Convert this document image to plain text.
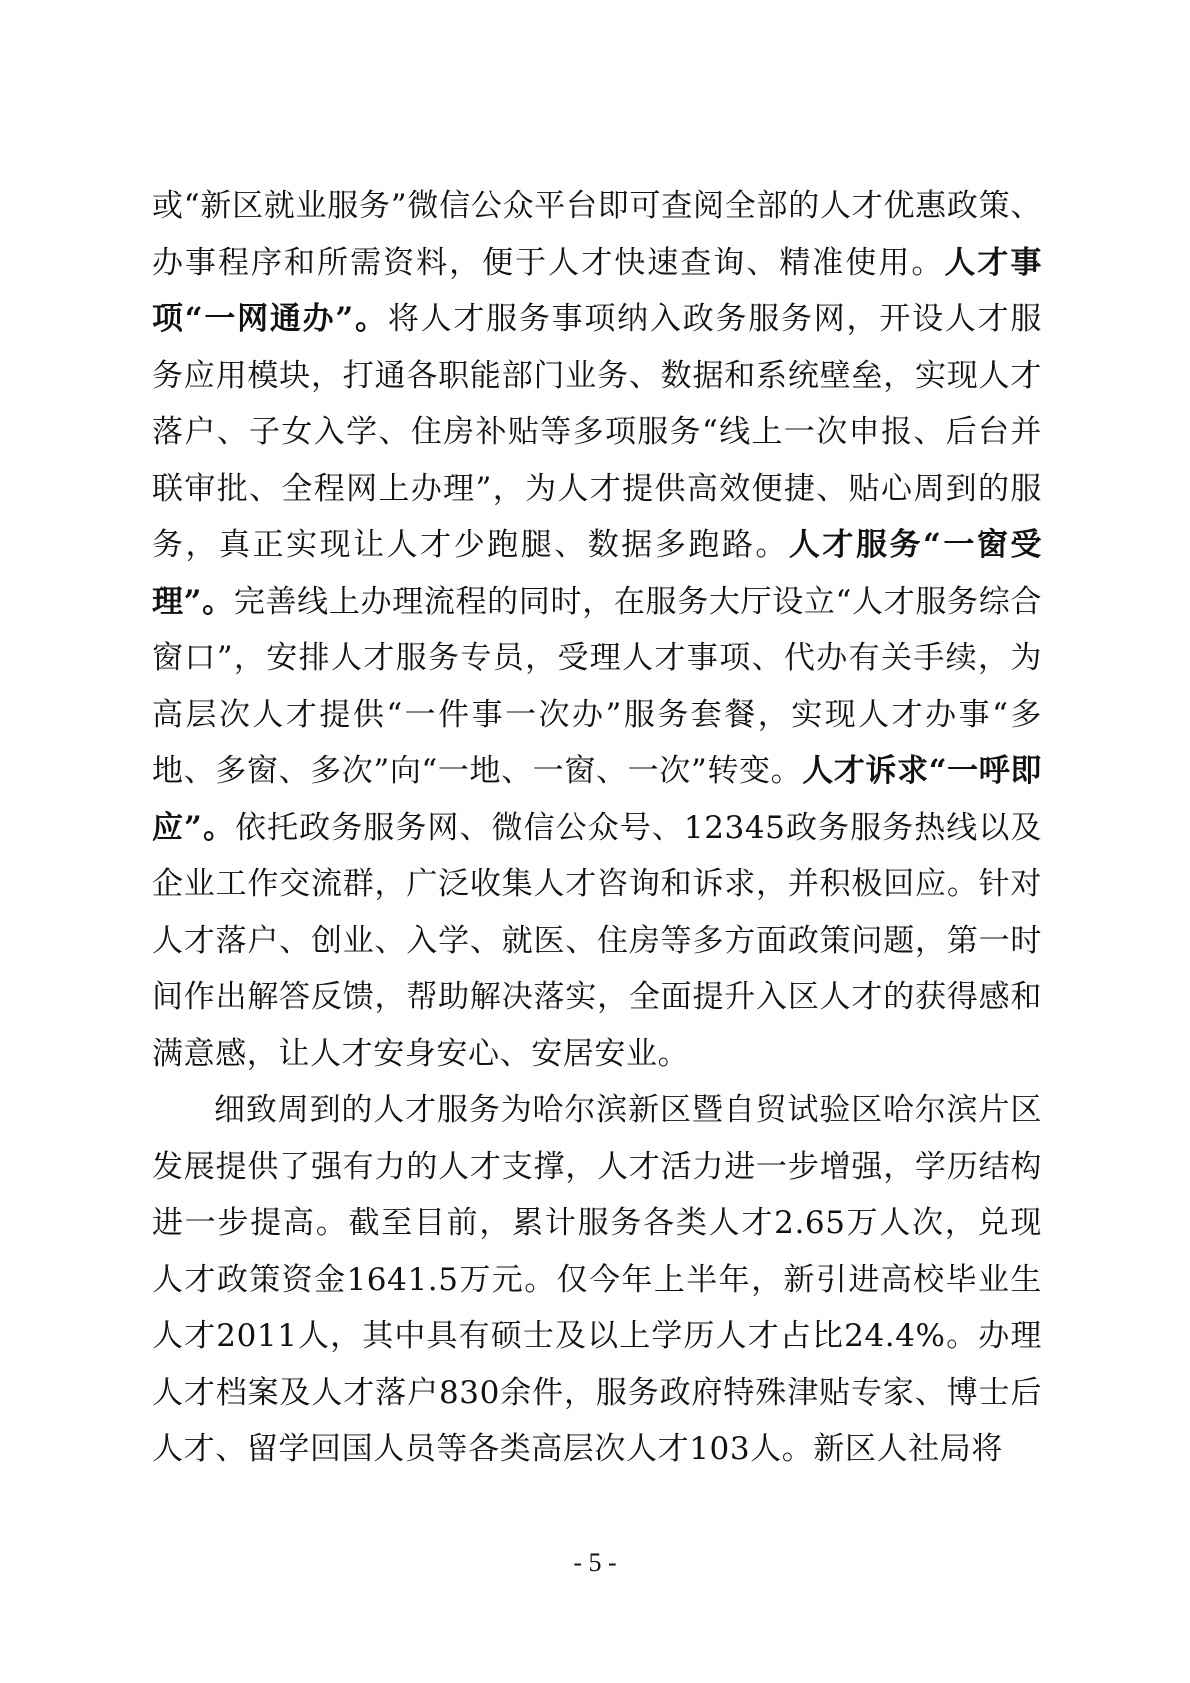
或“新区就业服务”微信公众平台即可查阅全部的人才优惠政策、办事程序和所需资料，便于人才快速查询、精准使用。人才事项“一网通办”。将人才服务事项纳入政务服务网，开设人才服务应用模块，打通各职能部门业务、数据和系统壁垒，实现人才落户、子女入学、住房补贴等多项服务“线上一次申报、后台并联审批、全程网上办理”，为人才提供高效便捷、贴心周到的服务，真正实现让人才少跑腿、数据多跑路。人才服务“一窗受理”。完善线上办理流程的同时，在服务大厅设立“人才服务综合窗口”，安排人才服务专员，受理人才事项、代办有关手续，为高层次人才提供“一件事一次办”服务套餐，实现人才办事“多地、多窗、多次”向“一地、一窗、一次”转变。人才诉求“一呼即应”。依托政务服务网、微信公众号、12345政务服务热线以及企业工作交流群，广泛收集人才咨询和诉求，并积极回应。针对人才落户、创业、入学、就医、住房等多方面政策问题，第一时间作出解答反馈，帮助解决落实，全面提升入区人才的获得感和满意感，让人才安身安心、安居安业。

细致周到的人才服务为哈尔滨新区暨自贸试验区哈尔滨片区发展提供了强有力的人才支撑，人才活力进一步增强，学历结构进一步提高。截至目前，累计服务各类人才2.65万人次，兑现人才政策资金1641.5万元。仅今年上半年，新引进高校毕业生人才2011人，其中具有硕士及以上学历人才占比24.4%。办理人才档案及人才落户830余件，服务政府特殊津贴专家、博士后人才、留学回国人员等各类高层次人才103人。新区人社局将

- 5 -
